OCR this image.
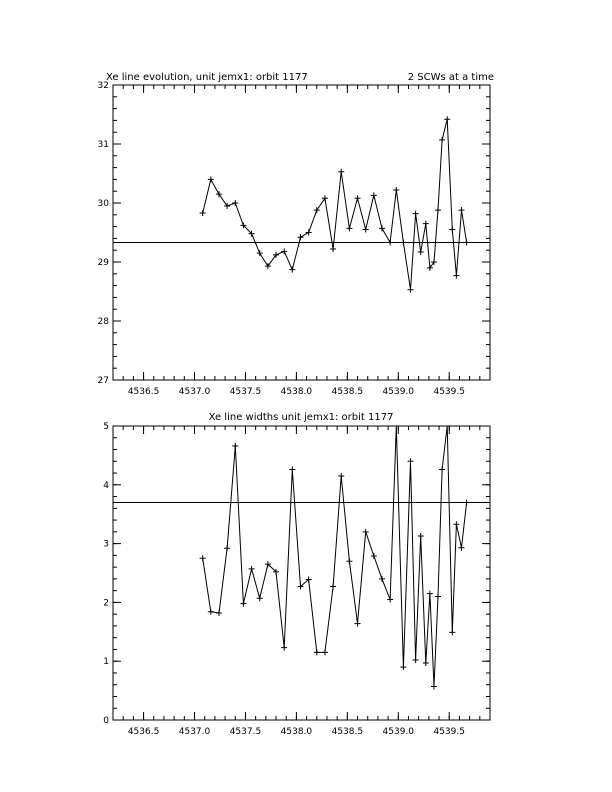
Xe line evolution, unit jemx1: orbit 1177	2 SCWs at a time
4536.5 4537.0 4537.5 4538.0 4538.5 4539.0 4539.5
27
28
29
30
31
32
Xe line widths unit jemx1: orbit 1177
4536.5 4537.0 4537.5 4538.0 4538.5 4539.0 4539.5
0
1
2
3
4
5
